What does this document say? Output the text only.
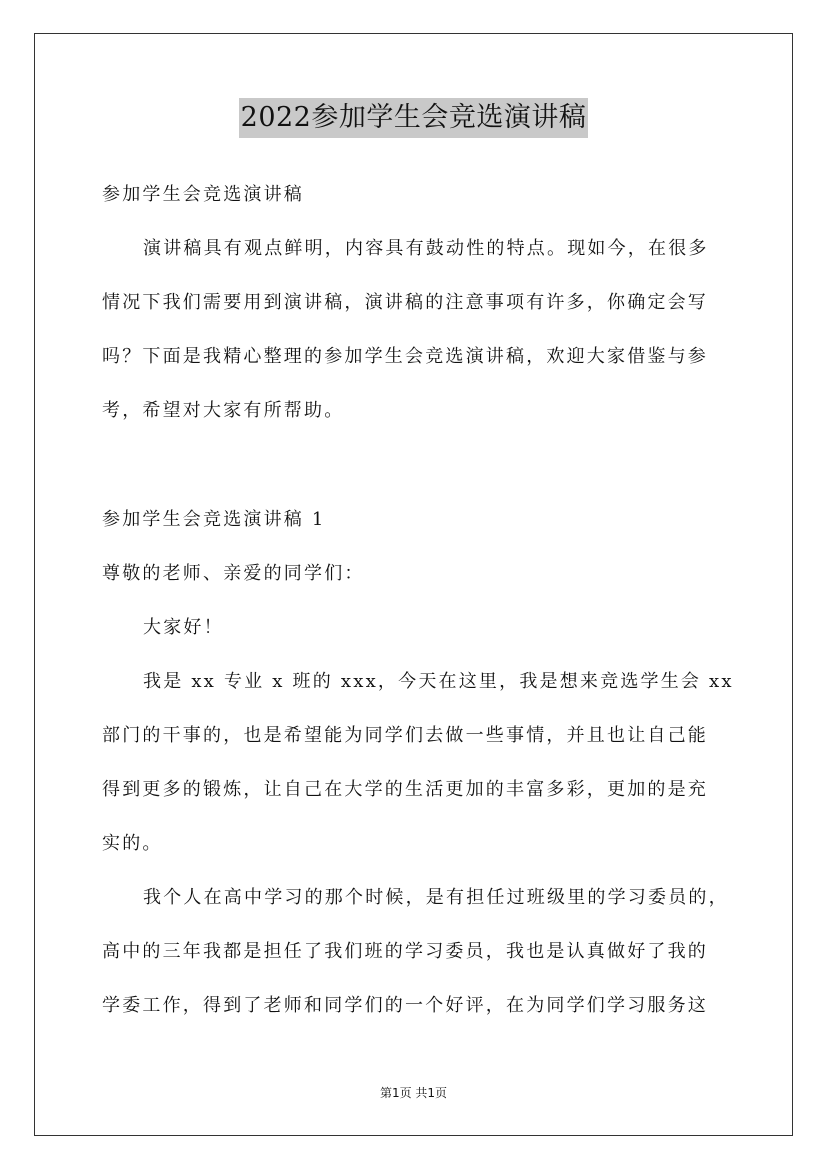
2022参加学生会竞选演讲稿
参加学生会竞选演讲稿
演讲稿具有观点鲜明，内容具有鼓动性的特点。现如今，在很多
情况下我们需要用到演讲稿，演讲稿的注意事项有许多，你确定会写
吗？下面是我精心整理的参加学生会竞选演讲稿，欢迎大家借鉴与参
考，希望对大家有所帮助。
参加学生会竞选演讲稿 1
尊敬的老师、亲爱的同学们：
大家好！
我是 xx 专业 x 班的 xxx，今天在这里，我是想来竞选学生会 xx
部门的干事的，也是希望能为同学们去做一些事情，并且也让自己能
得到更多的锻炼，让自己在大学的生活更加的丰富多彩，更加的是充
实的。
我个人在高中学习的那个时候，是有担任过班级里的学习委员的，
高中的三年我都是担任了我们班的学习委员，我也是认真做好了我的
学委工作，得到了老师和同学们的一个好评，在为同学们学习服务这
第1页 共1页
